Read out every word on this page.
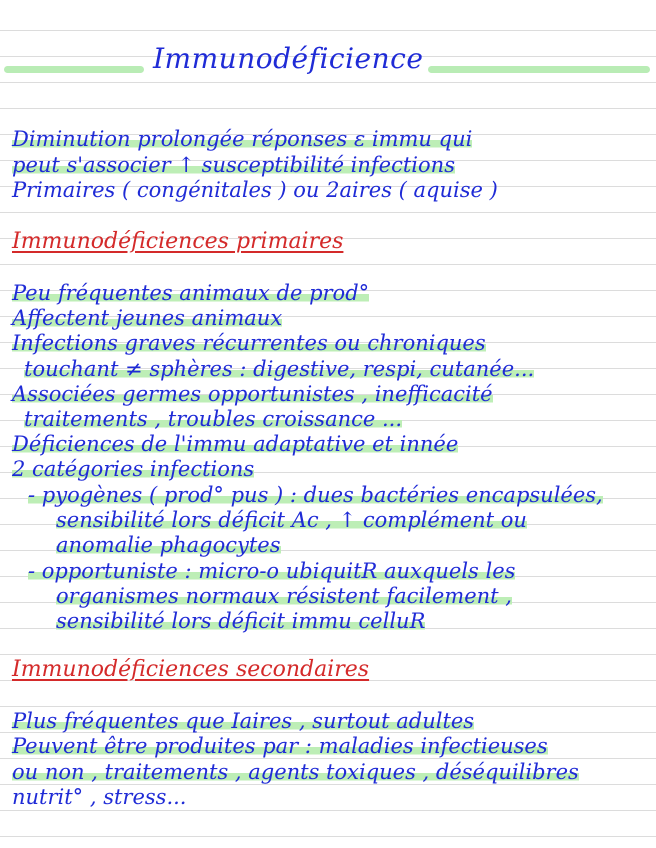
Immunodéficience
Diminution prolongée réponses ε immu qui
peut s'associer ↑ susceptibilité infections
Primaires ( congénitales ) ou 2aires ( aquise )
Immunodéficiences primaires
Peu fréquentes animaux de prod°
Affectent jeunes animaux
Infections graves récurrentes ou chroniques
touchant ≠ sphères : digestive, respi, cutanée...
Associées germes opportunistes , inefficacité
traitements , troubles croissance ...
Déficiences de l'immu adaptative et innée
2 catégories infections
- pyogènes ( prod° pus ) : dues bactéries encapsulées,
sensibilité lors déficit Ac , ↑ complément ou
anomalie phagocytes
- opportuniste : micro-o ubiquitR auxquels les
organismes normaux résistent facilement ,
sensibilité lors déficit immu celluR
Immunodéficiences secondaires
Plus fréquentes que Iaires , surtout adultes
Peuvent être produites par : maladies infectieuses
ou non , traitements , agents toxiques , déséquilibres
nutrit° , stress...
